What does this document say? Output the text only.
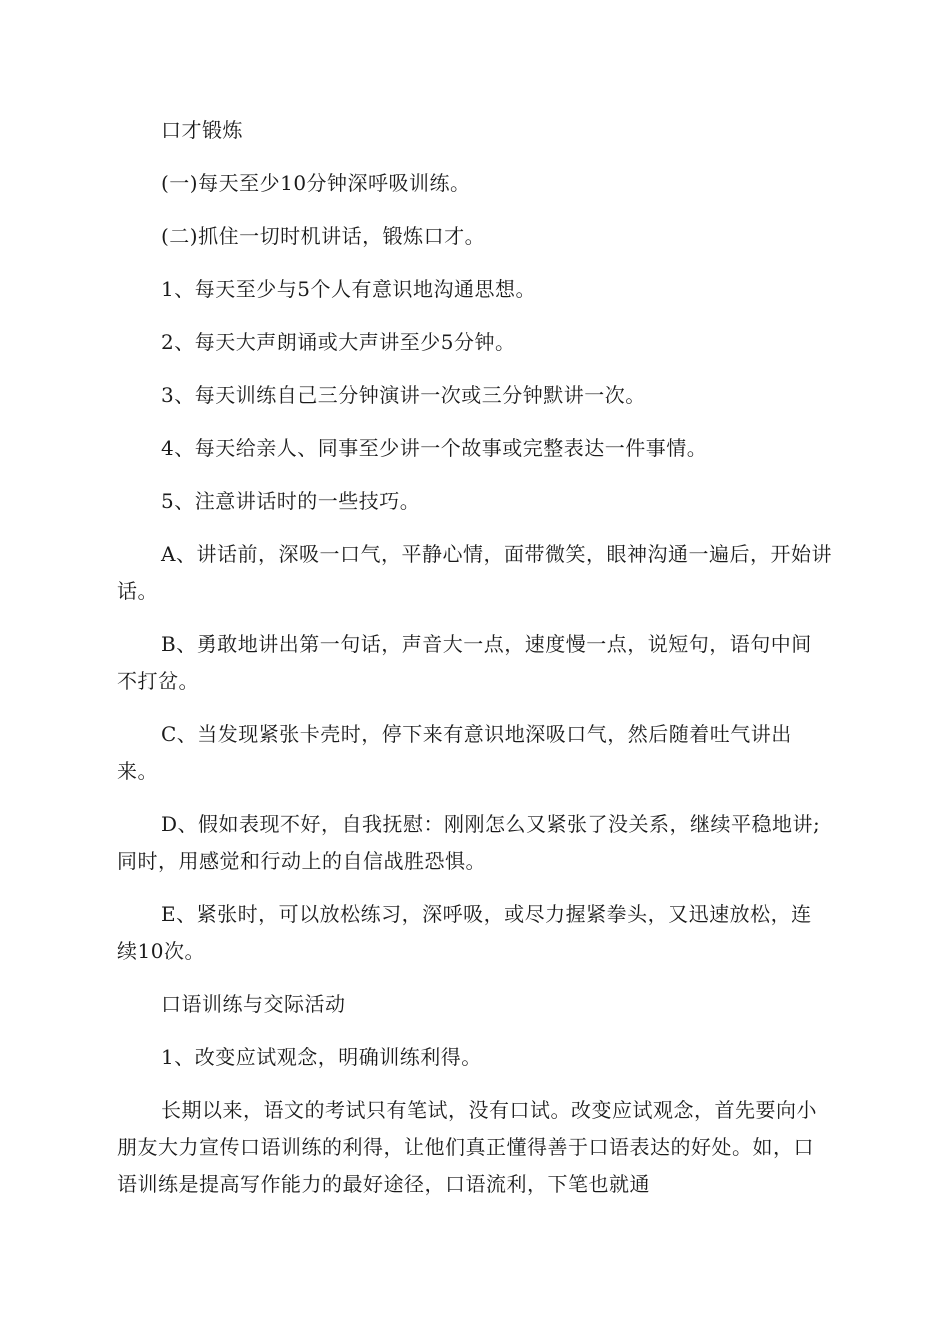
口才锻炼

(一)每天至少10分钟深呼吸训练。

(二)抓住一切时机讲话，锻炼口才。

1、每天至少与5个人有意识地沟通思想。

2、每天大声朗诵或大声讲至少5分钟。

3、每天训练自己三分钟演讲一次或三分钟默讲一次。

4、每天给亲人、同事至少讲一个故事或完整表达一件事情。

5、注意讲话时的一些技巧。

A、讲话前，深吸一口气，平静心情，面带微笑，眼神沟通一遍后，开始讲话。

B、勇敢地讲出第一句话，声音大一点，速度慢一点，说短句，语句中间不打岔。

C、当发现紧张卡壳时，停下来有意识地深吸口气，然后随着吐气讲出来。

D、假如表现不好，自我抚慰：刚刚怎么又紧张了没关系，继续平稳地讲;同时，用感觉和行动上的自信战胜恐惧。

E、紧张时，可以放松练习，深呼吸，或尽力握紧拳头，又迅速放松，连续10次。

口语训练与交际活动

1、改变应试观念，明确训练利得。

长期以来，语文的考试只有笔试，没有口试。改变应试观念，首先要向小朋友大力宣传口语训练的利得，让他们真正懂得善于口语表达的好处。如，口语训练是提高写作能力的最好途径，口语流利，下笔也就通
